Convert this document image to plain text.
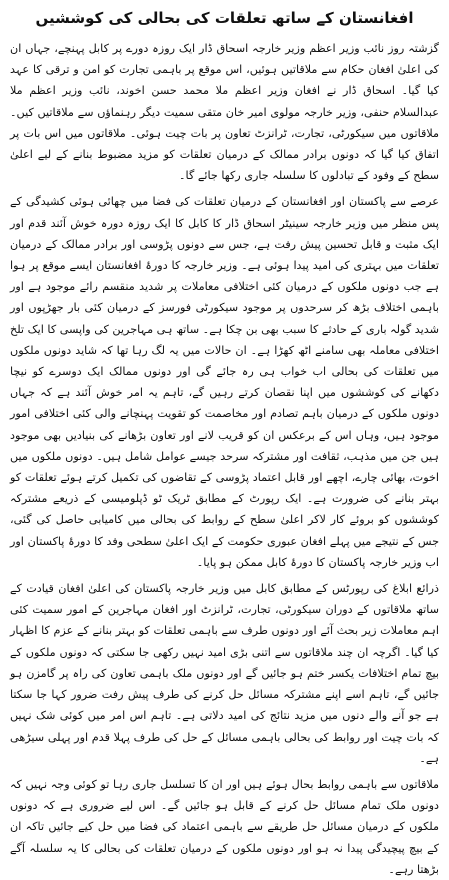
افغانستان کے ساتھ تعلقات کی بحالی کی کوششیں

گزشتہ روز نائب وزیر اعظم وزیر خارجہ اسحاق ڈار ایک روزہ دورے پر کابل پہنچے، جہاں ان کی اعلیٰ افغان حکام سے ملاقاتیں ہوئیں، اس موقع پر باہمی تجارت کو امن و ترقی کا عہد کیا گیا۔ اسحاق ڈار نے افغان وزیر اعظم ملا محمد حسن اخوند، نائب وزیر اعظم ملا عبدالسلام حنفی، وزیر خارجہ مولوی امیر خان متقی سمیت دیگر رہنماؤں سے ملاقاتیں کیں۔ ملاقاتوں میں سیکورٹی، تجارت، ٹرانزٹ تعاون پر بات چیت ہوئی۔ ملاقاتوں میں اس بات پر اتفاق کیا گیا کہ دونوں برادر ممالک کے درمیان تعلقات کو مزید مضبوط بنانے کے لیے اعلیٰ سطح کے وفود کے تبادلوں کا سلسلہ جاری رکھا جائے گا۔

عرصے سے پاکستان اور افغانستان کے درمیان تعلقات کی فضا میں چھائی ہوئی کشیدگی کے پس منظر میں وزیر خارجہ سینیٹر اسحاق ڈار کا کابل کا ایک روزہ دورہ خوش آئند قدم اور ایک مثبت و قابل تحسین پیش رفت ہے، جس سے دونوں پڑوسی اور برادر ممالک کے درمیان تعلقات میں بہتری کی امید پیدا ہوئی ہے۔ وزیر خارجہ کا دورۂ افغانستان ایسے موقع پر ہوا ہے جب دونوں ملکوں کے درمیان کئی اختلافی معاملات پر شدید منقسم رائے موجود ہے اور باہمی اختلاف بڑھ کر سرحدوں پر موجود سیکورٹی فورسز کے درمیان کئی بار جھڑپوں اور شدید گولہ باری کے حادثے کا سبب بھی بن چکا ہے۔ ساتھ ہی مہاجرین کی واپسی کا ایک تلخ اختلافی معاملہ بھی سامنے اٹھ کھڑا ہے۔ ان حالات میں یہ لگ رہا تھا کہ شاید دونوں ملکوں میں تعلقات کی بحالی اب خواب ہی رہ جائے گی اور دونوں ممالک ایک دوسرے کو نیچا دکھانے کی کوششوں میں اپنا نقصان کرتے رہیں گے، تاہم یہ امر خوش آئند ہے کہ جہاں دونوں ملکوں کے درمیان باہم تصادم اور مخاصمت کو تقویت پہنچانے والی کئی اختلافی امور موجود ہیں، وہاں اس کے برعکس ان کو قریب لانے اور تعاون بڑھانے کی بنیادیں بھی موجود ہیں جن میں مذہب، ثقافت اور مشترکہ سرحد جیسے عوامل شامل ہیں۔ دونوں ملکوں میں اخوت، بھائی چارے، اچھے اور قابل اعتماد پڑوسی کے تقاضوں کی تکمیل کرتے ہوئے تعلقات کو بہتر بنانے کی ضرورت ہے۔ ایک رپورٹ کے مطابق ٹریک ٹو ڈپلومیسی کے ذریعے مشترکہ کوششوں کو بروئے کار لاکر اعلیٰ سطح کے روابط کی بحالی میں کامیابی حاصل کی گئی، جس کے نتیجے میں پہلے افغان عبوری حکومت کے ایک اعلیٰ سطحی وفد کا دورۂ پاکستان اور اب وزیر خارجہ پاکستان کا دورۂ کابل ممکن ہو پایا۔

ذرائع ابلاغ کی رپورٹس کے مطابق کابل میں وزیر خارجہ پاکستان کی اعلیٰ افغان قیادت کے ساتھ ملاقاتوں کے دوران سیکورٹی، تجارت، ٹرانزٹ اور افغان مہاجرین کے امور سمیت کئی اہم معاملات زیر بحث آئے اور دونوں طرف سے باہمی تعلقات کو بہتر بنانے کے عزم کا اظہار کیا گیا۔ اگرچہ ان چند ملاقاتوں سے اتنی بڑی امید نہیں رکھی جا سکتی کہ دونوں ملکوں کے بیچ تمام اختلافات یکسر ختم ہو جائیں گے اور دونوں ملک باہمی تعاون کی راہ پر گامزن ہو جائیں گے، تاہم اسے اپنے مشترکہ مسائل حل کرنے کی طرف پیش رفت ضرور کہا جا سکتا ہے جو آنے والے دنوں میں مزید نتائج کی امید دلاتی ہے۔ تاہم اس امر میں کوئی شک نہیں کہ بات چیت اور روابط کی بحالی باہمی مسائل کے حل کی طرف پہلا قدم اور پہلی سیڑھی ہے۔

ملاقاتوں سے باہمی روابط بحال ہوئے ہیں اور ان کا تسلسل جاری رہا تو کوئی وجہ نہیں کہ دونوں ملک تمام مسائل حل کرنے کے قابل ہو جائیں گے۔ اس لیے ضروری ہے کہ دونوں ملکوں کے درمیان مسائل حل طریقے سے باہمی اعتماد کی فضا میں حل کیے جائیں تاکہ ان کے بیچ پیچیدگی پیدا نہ ہو اور دونوں ملکوں کے درمیان تعلقات کی بحالی کا یہ سلسلہ آگے بڑھتا رہے۔
